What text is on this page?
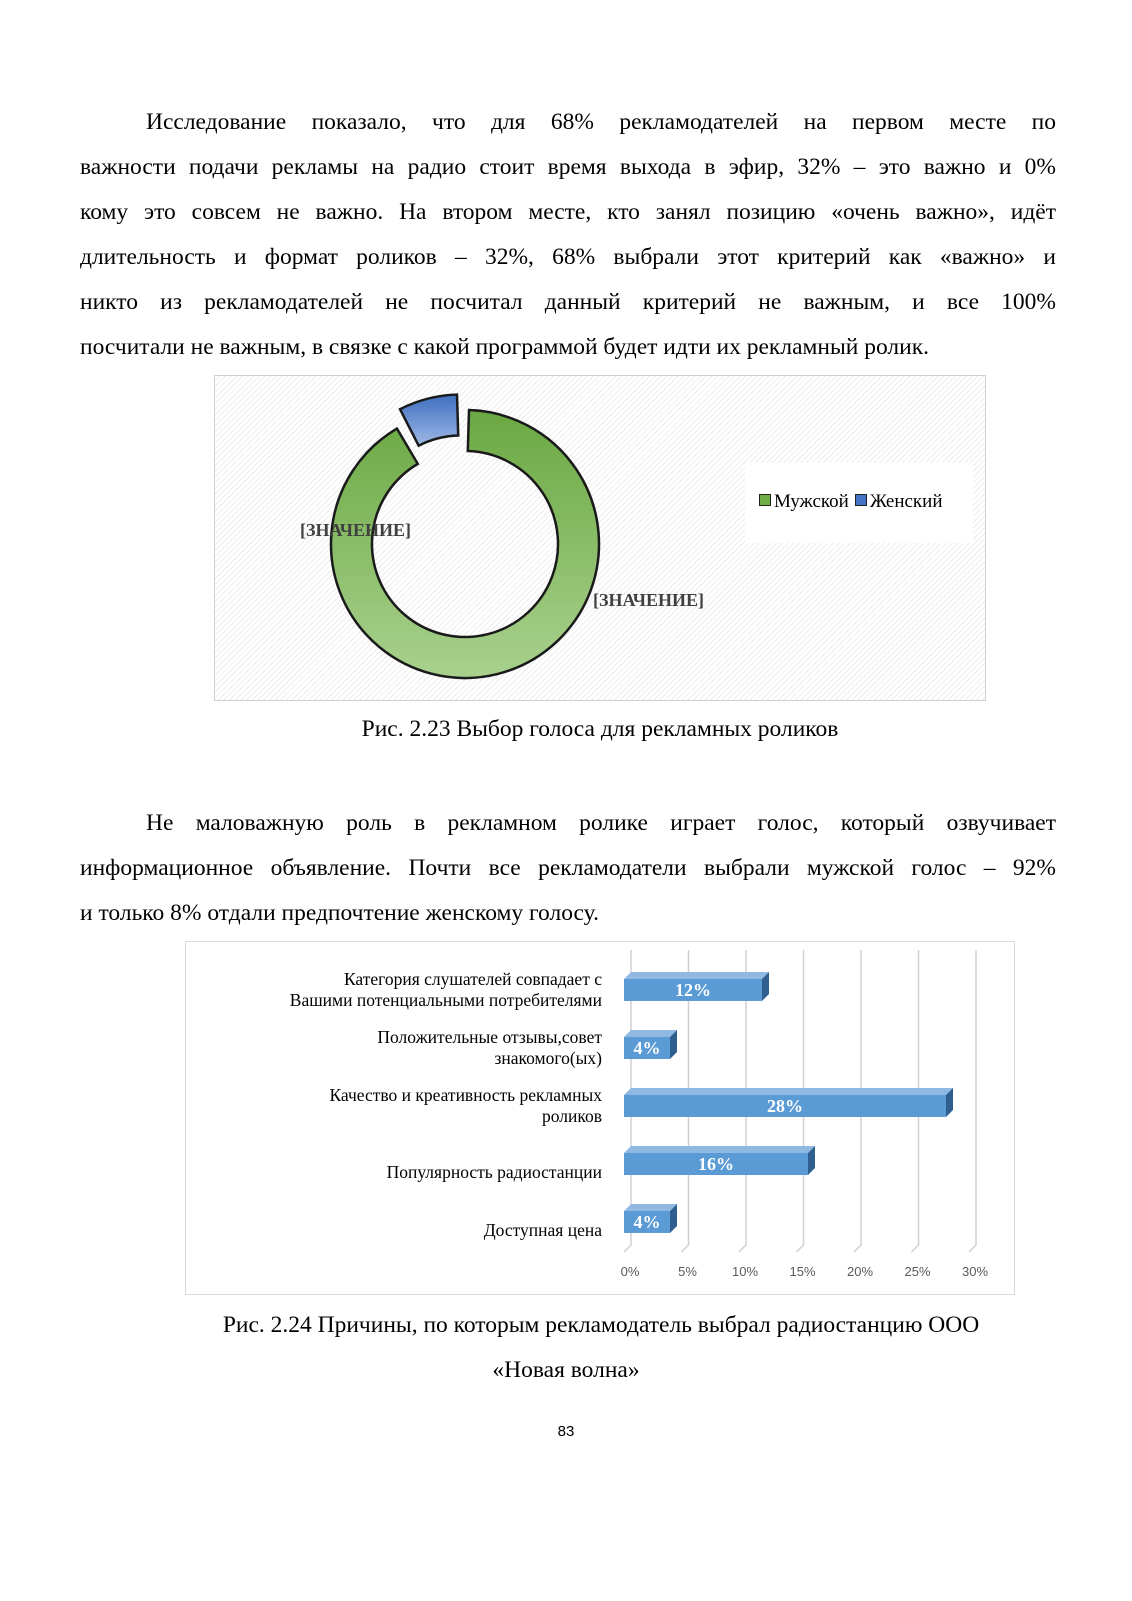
Исследование показало, что для 68% рекламодателей на первом месте по
важности подачи рекламы на радио стоит время выхода в эфир, 32% – это важно и 0%
кому это совсем не важно. На втором месте, кто занял позицию «очень важно», идёт
длительность и формат роликов – 32%, 68% выбрали этот критерий как «важно» и
никто из рекламодателей не посчитал данный критерий не важным, и все 100%
посчитали не важным, в связке с какой программой будет идти их рекламный ролик.
[ЗНАЧЕНИЕ]
[ЗНАЧЕНИЕ]
Мужской Женский
Рис. 2.23 Выбор голоса для рекламных роликов
Не маловажную роль в рекламном ролике играет голос, который озвучивает
информационное объявление. Почти все рекламодатели выбрали мужской голос – 92%
и только 8% отдали предпочтение женскому голосу.
Категория слушателей совпадает с
Вашими потенциальными потребителями
Положительные отзывы,совет
знакомого(ых)
Качество и креативность рекламных
роликов
Популярность радиостанции
Доступная цена
12%
4%
28%
16%
4%
0%	5%	10%	15%	20%	25%	30%
Рис. 2.24 Причины, по которым рекламодатель выбрал радиостанцию ООО
«Новая волна»
83
